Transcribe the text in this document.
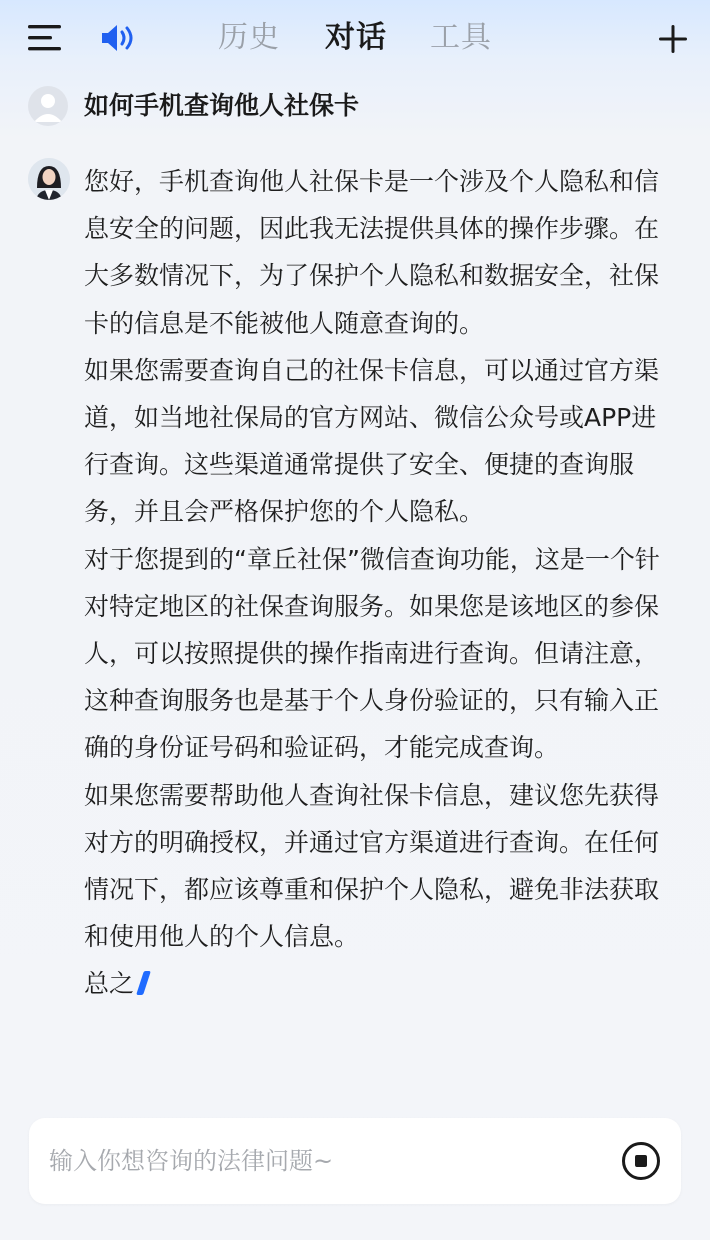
历史 对话 工具
如何手机查询他人社保卡

您好，手机查询他人社保卡是一个涉及个人隐私和信息安全的问题，因此我无法提供具体的操作步骤。在大多数情况下，为了保护个人隐私和数据安全，社保卡的信息是不能被他人随意查询的。

如果您需要查询自己的社保卡信息，可以通过官方渠道，如当地社保局的官方网站、微信公众号或APP进行查询。这些渠道通常提供了安全、便捷的查询服务，并且会严格保护您的个人隐私。

对于您提到的“章丘社保”微信查询功能，这是一个针对特定地区的社保查询服务。如果您是该地区的参保人，可以按照提供的操作指南进行查询。但请注意，这种查询服务也是基于个人身份验证的，只有输入正确的身份证号码和验证码，才能完成查询。

如果您需要帮助他人查询社保卡信息，建议您先获得对方的明确授权，并通过官方渠道进行查询。在任何情况下，都应该尊重和保护个人隐私，避免非法获取和使用他人的个人信息。

总之

输入你想咨询的法律问题~
